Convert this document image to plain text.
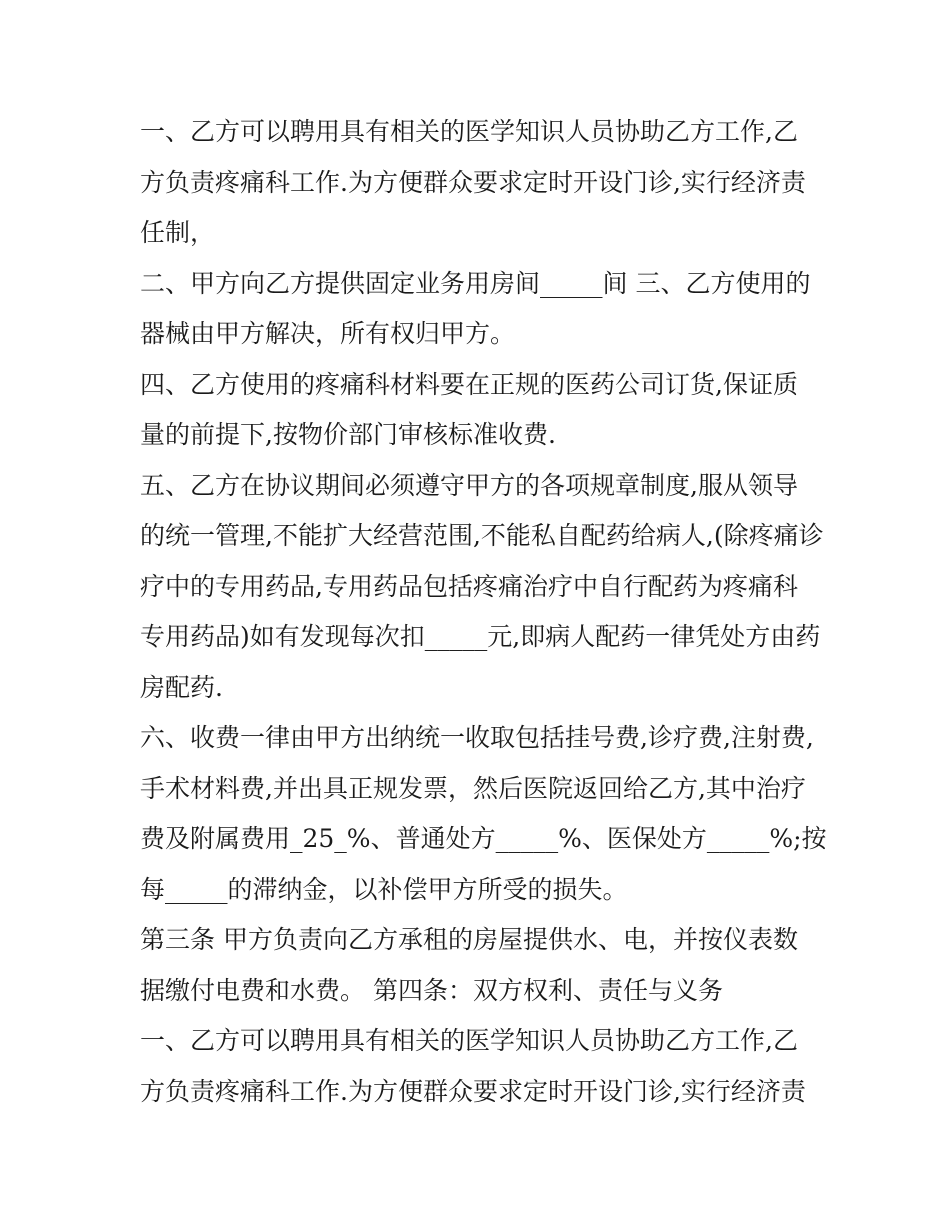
一、乙方可以聘用具有相关的医学知识人员协助乙方工作,乙
方负责疼痛科工作.为方便群众要求定时开设门诊,实行经济责
任制，
二、甲方向乙方提供固定业务用房间_____间 三、乙方使用的
器械由甲方解决，所有权归甲方。
四、乙方使用的疼痛科材料要在正规的医药公司订货,保证质
量的前提下,按物价部门审核标准收费.
五、乙方在协议期间必须遵守甲方的各项规章制度,服从领导
的统一管理,不能扩大经营范围,不能私自配药给病人,(除疼痛诊
疗中的专用药品,专用药品包括疼痛治疗中自行配药为疼痛科
专用药品)如有发现每次扣_____元,即病人配药一律凭处方由药
房配药.
六、收费一律由甲方出纳统一收取包括挂号费,诊疗费,注射费,
手术材料费,并出具正规发票，然后医院返回给乙方,其中治疗
费及附属费用_25_%、普通处方_____%、医保处方_____%;按
每_____的滞纳金，以补偿甲方所受的损失。
第三条 甲方负责向乙方承租的房屋提供水、电，并按仪表数
据缴付电费和水费。 第四条：双方权利、责任与义务
一、乙方可以聘用具有相关的医学知识人员协助乙方工作,乙
方负责疼痛科工作.为方便群众要求定时开设门诊,实行经济责
